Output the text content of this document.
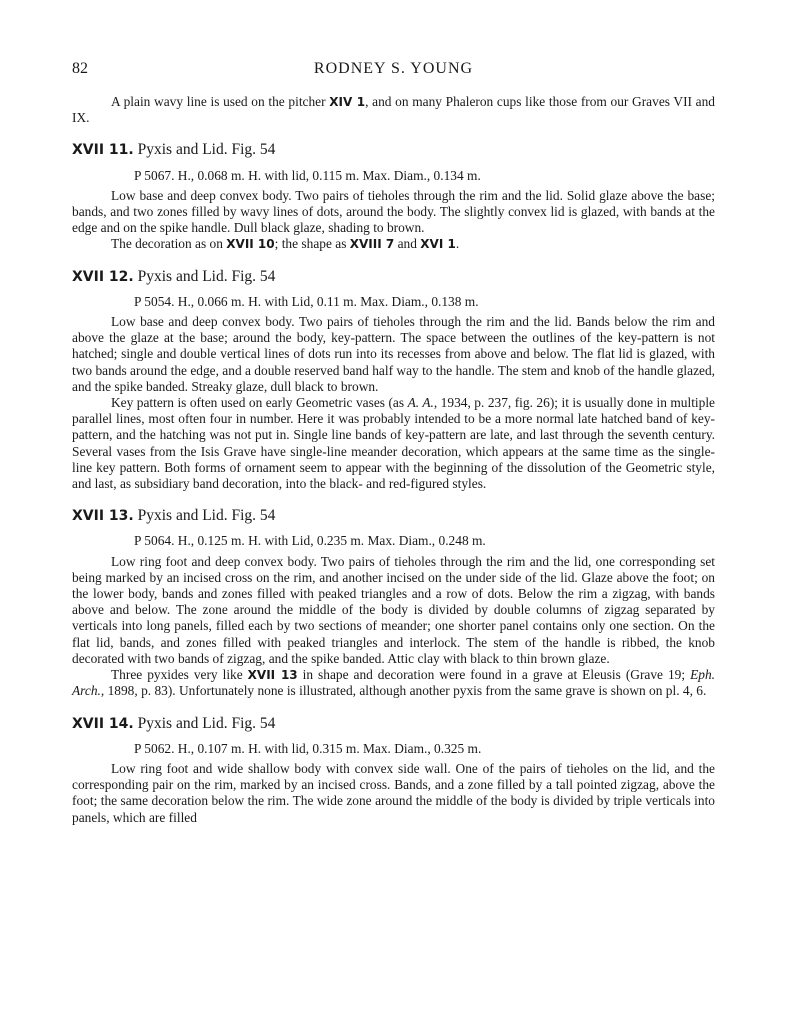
82	RODNEY S. YOUNG

A plain wavy line is used on the pitcher XIV 1, and on many Phaleron cups like those from our Graves VII and IX.

XVII 11. Pyxis and Lid. Fig. 54

P 5067. H., 0.068 m. H. with lid, 0.115 m. Max. Diam., 0.134 m.

Low base and deep convex body. Two pairs of tieholes through the rim and the lid. Solid glaze above the base; bands, and two zones filled by wavy lines of dots, around the body. The slightly convex lid is glazed, with bands at the edge and on the spike handle. Dull black glaze, shading to brown.

The decoration as on XVII 10; the shape as XVIII 7 and XVI 1.

XVII 12. Pyxis and Lid. Fig. 54

P 5054. H., 0.066 m. H. with Lid, 0.11 m. Max. Diam., 0.138 m.

Low base and deep convex body. Two pairs of tieholes through the rim and the lid. Bands below the rim and above the glaze at the base; around the body, key-pattern. The space between the outlines of the key-pattern is not hatched; single and double vertical lines of dots run into its recesses from above and below. The flat lid is glazed, with two bands around the edge, and a double reserved band half way to the handle. The stem and knob of the handle glazed, and the spike banded. Streaky glaze, dull black to brown.

Key pattern is often used on early Geometric vases (as A. A., 1934, p. 237, fig. 26); it is usually done in multiple parallel lines, most often four in number. Here it was probably intended to be a more normal late hatched band of key-pattern, and the hatching was not put in. Single line bands of key-pattern are late, and last through the seventh century. Several vases from the Isis Grave have single-line meander decoration, which appears at the same time as the single-line key pattern. Both forms of ornament seem to appear with the beginning of the dissolution of the Geometric style, and last, as subsidiary band decoration, into the black- and red-figured styles.

XVII 13. Pyxis and Lid. Fig. 54

P 5064. H., 0.125 m. H. with Lid, 0.235 m. Max. Diam., 0.248 m.

Low ring foot and deep convex body. Two pairs of tieholes through the rim and the lid, one corresponding set being marked by an incised cross on the rim, and another incised on the under side of the lid. Glaze above the foot; on the lower body, bands and zones filled with peaked triangles and a row of dots. Below the rim a zigzag, with bands above and below. The zone around the middle of the body is divided by double columns of zigzag separated by verticals into long panels, filled each by two sections of meander; one shorter panel contains only one section. On the flat lid, bands, and zones filled with peaked triangles and interlock. The stem of the handle is ribbed, the knob decorated with two bands of zigzag, and the spike banded. Attic clay with black to thin brown glaze.

Three pyxides very like XVII 13 in shape and decoration were found in a grave at Eleusis (Grave 19; Eph. Arch., 1898, p. 83). Unfortunately none is illustrated, although another pyxis from the same grave is shown on pl. 4, 6.

XVII 14. Pyxis and Lid. Fig. 54

P 5062. H., 0.107 m. H. with lid, 0.315 m. Max. Diam., 0.325 m.

Low ring foot and wide shallow body with convex side wall. One of the pairs of tieholes on the lid, and the corresponding pair on the rim, marked by an incised cross. Bands, and a zone filled by a tall pointed zigzag, above the foot; the same decoration below the rim. The wide zone around the middle of the body is divided by triple verticals into panels, which are filled
